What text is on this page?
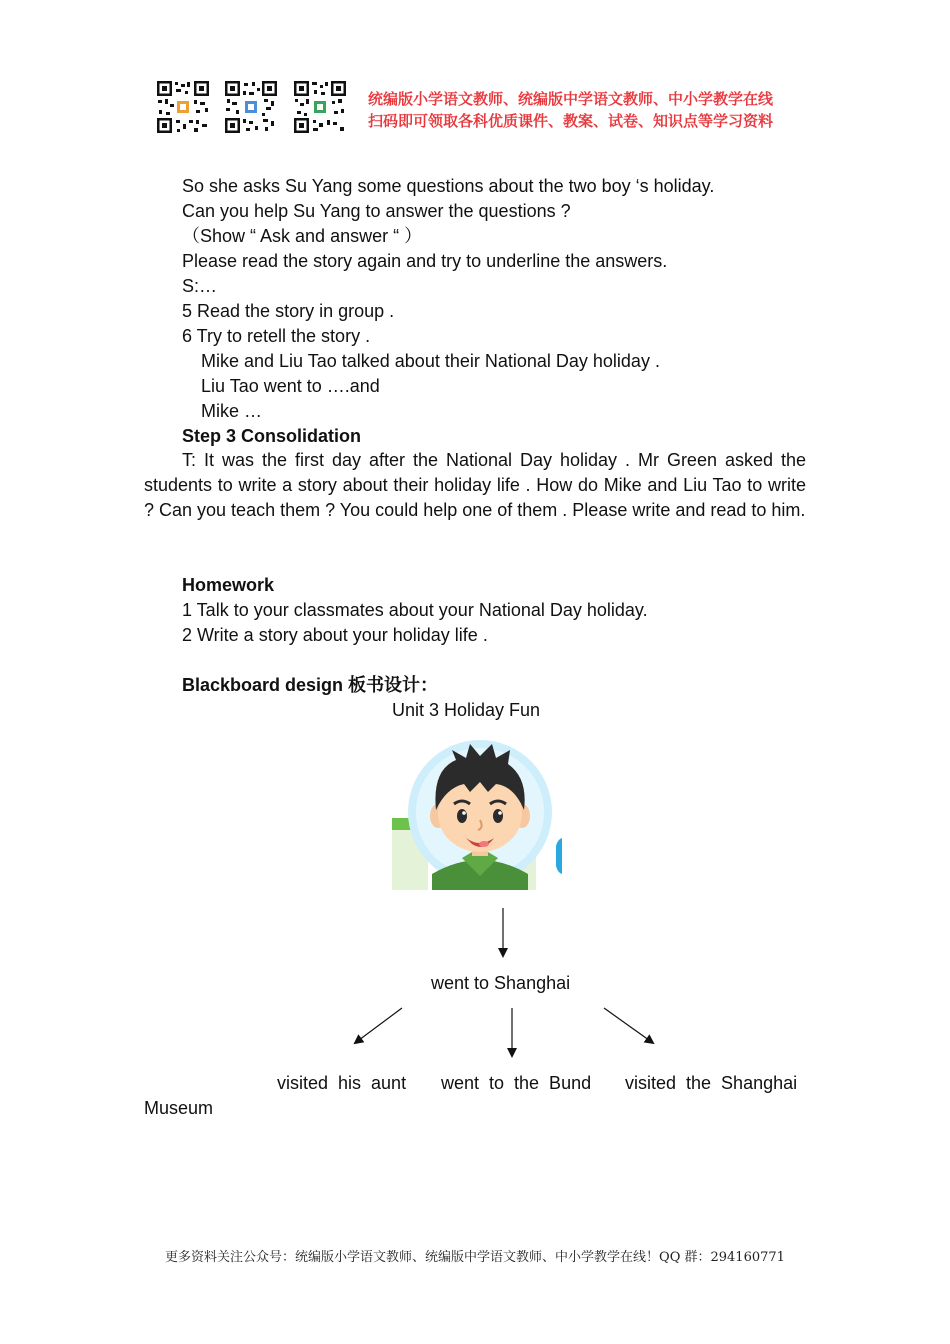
统编版小学语文教师、统编版中学语文教师、中小学教学在线
扫码即可领取各科优质课件、教案、试卷、知识点等学习资料
So she asks Su Yang some questions about the two boy ‘s holiday.
Can you help Su Yang to answer the questions ?
（Show “ Ask and answer “ ）
Please read the story again and try to underline the answers.
S:…
5 Read the story in group .
6 Try to retell the story .
Mike and Liu Tao talked about their National Day holiday .
Liu Tao went to ….and
Mike …
Step 3 Consolidation
T: It was the first day after the National Day holiday . Mr Green asked the students to write a story about their holiday life . How do Mike and Liu Tao to write ? Can you teach them ? You could help one of them . Please write and read to him.
Homework
1 Talk to your classmates about your National Day holiday.
2 Write a story about your holiday life .
Blackboard design 板书设计：
Unit 3 Holiday Fun
went to Shanghai
visited  his  aunt went  to  the  Bund visited  the  Shanghai
Museum
更多资料关注公众号：统编版小学语文教师、统编版中学语文教师、中小学教学在线！QQ 群：294160771
